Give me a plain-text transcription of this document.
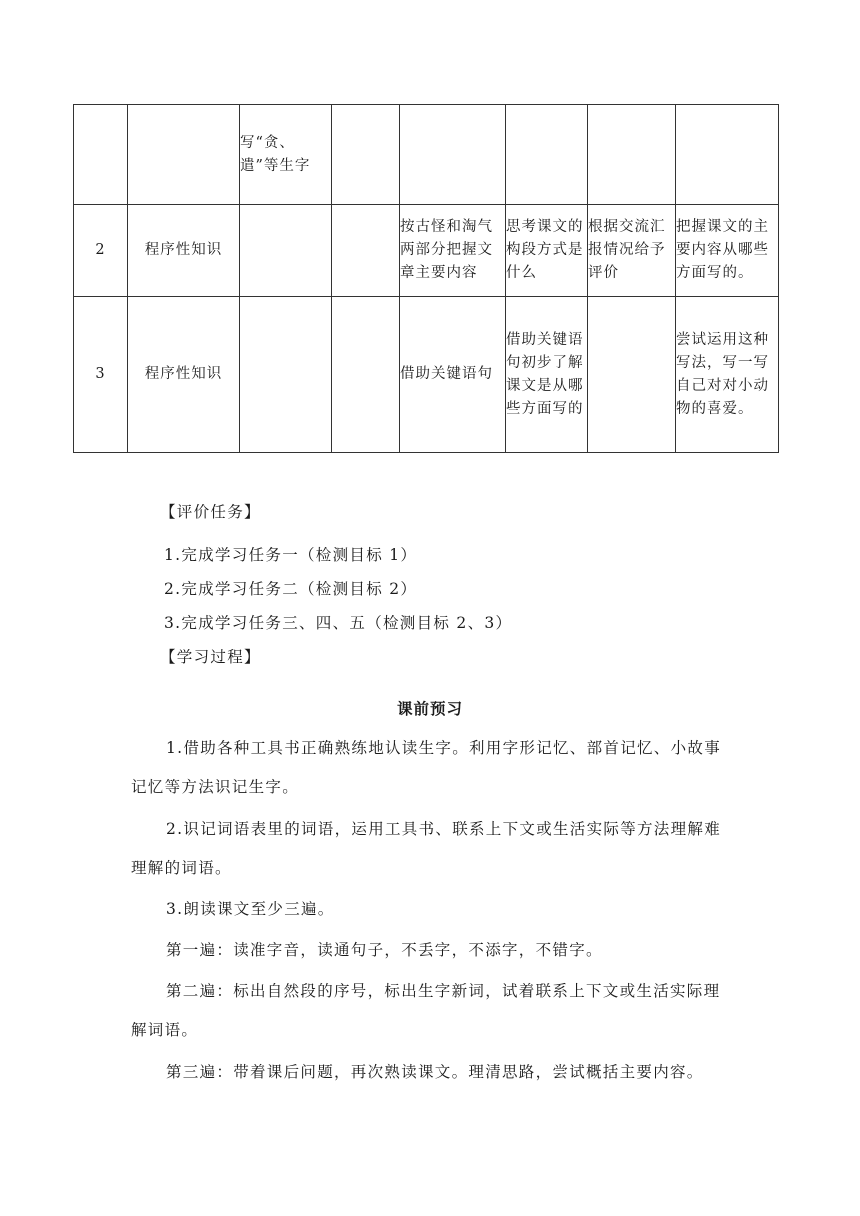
		写“贪、遣”等生字					
2	程序性知识			按古怪和淘气两部分把握文章主要内容	思考课文的构段方式是什么	根据交流汇报情况给予评价	把握课文的主要内容从哪些方面写的。
3	程序性知识			借助关键语句	借助关键语句初步了解课文是从哪些方面写的		尝试运用这种写法，写一写自己对对小动物的喜爱。
【评价任务】
1.完成学习任务一（检测目标 1）
2.完成学习任务二（检测目标 2）
3.完成学习任务三、四、五（检测目标 2、3）
【学习过程】
课前预习
1.借助各种工具书正确熟练地认读生字。利用字形记忆、部首记忆、小故事
记忆等方法识记生字。
2.识记词语表里的词语，运用工具书、联系上下文或生活实际等方法理解难
理解的词语。
3.朗读课文至少三遍。
第一遍：读准字音，读通句子，不丢字，不添字，不错字。
第二遍：标出自然段的序号，标出生字新词，试着联系上下文或生活实际理
解词语。
第三遍：带着课后问题，再次熟读课文。理清思路，尝试概括主要内容。
